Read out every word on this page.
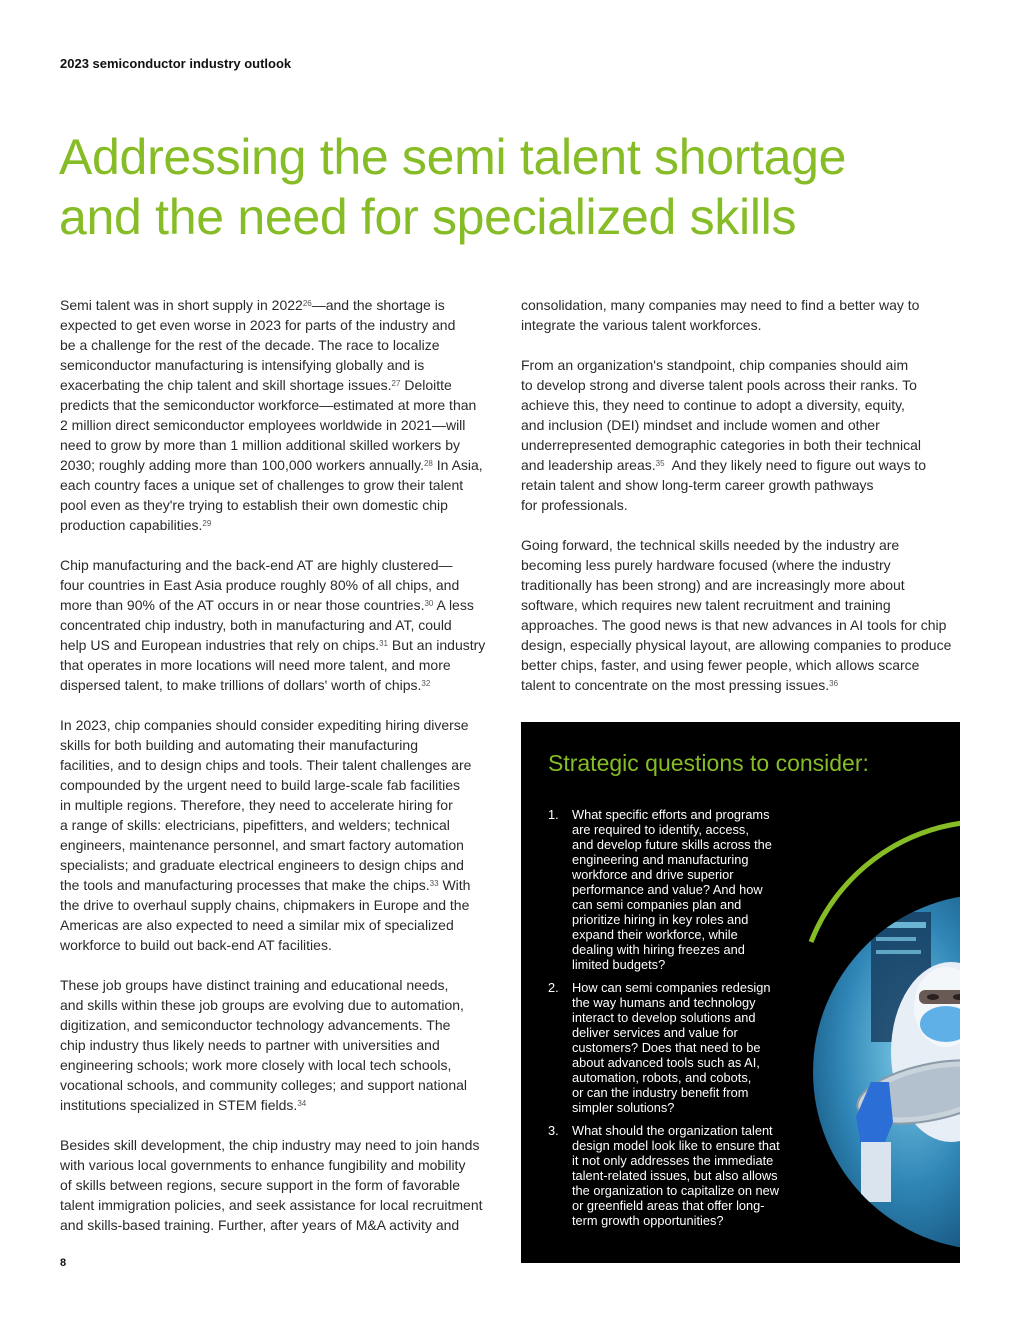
2023 semiconductor industry outlook
Addressing the semi talent shortage
and the need for specialized skills

Semi talent was in short supply in 2022$^{26}$—and the shortage is
expected to get even worse in 2023 for parts of the industry and
be a challenge for the rest of the decade. The race to localize
semiconductor manufacturing is intensifying globally and is
exacerbating the chip talent and skill shortage issues.$^{27}$ Deloitte
predicts that the semiconductor workforce—estimated at more than
2 million direct semiconductor employees worldwide in 2021—will
need to grow by more than 1 million additional skilled workers by
2030; roughly adding more than 100,000 workers annually.$^{28}$ In Asia,
each country faces a unique set of challenges to grow their talent
pool even as they're trying to establish their own domestic chip
production capabilities.$^{29}$

Chip manufacturing and the back-end AT are highly clustered—
four countries in East Asia produce roughly 80% of all chips, and
more than 90% of the AT occurs in or near those countries.$^{30}$ A less
concentrated chip industry, both in manufacturing and AT, could
help US and European industries that rely on chips.$^{31}$ But an industry
that operates in more locations will need more talent, and more
dispersed talent, to make trillions of dollars' worth of chips.$^{32}$

In 2023, chip companies should consider expediting hiring diverse
skills for both building and automating their manufacturing
facilities, and to design chips and tools. Their talent challenges are
compounded by the urgent need to build large-scale fab facilities
in multiple regions. Therefore, they need to accelerate hiring for
a range of skills: electricians, pipefitters, and welders; technical
engineers, maintenance personnel, and smart factory automation
specialists; and graduate electrical engineers to design chips and
the tools and manufacturing processes that make the chips.$^{33}$ With
the drive to overhaul supply chains, chipmakers in Europe and the
Americas are also expected to need a similar mix of specialized
workforce to build out back-end AT facilities.

These job groups have distinct training and educational needs,
and skills within these job groups are evolving due to automation,
digitization, and semiconductor technology advancements. The
chip industry thus likely needs to partner with universities and
engineering schools; work more closely with local tech schools,
vocational schools, and community colleges; and support national
institutions specialized in STEM fields.$^{34}$

Besides skill development, the chip industry may need to join hands
with various local governments to enhance fungibility and mobility
of skills between regions, secure support in the form of favorable
talent immigration policies, and seek assistance for local recruitment
and skills-based training. Further, after years of M&A activity and

consolidation, many companies may need to find a better way to
integrate the various talent workforces.

From an organization's standpoint, chip companies should aim
to develop strong and diverse talent pools across their ranks. To
achieve this, they need to continue to adopt a diversity, equity,
and inclusion (DEI) mindset and include women and other
underrepresented demographic categories in both their technical
and leadership areas.$^{35}$  And they likely need to figure out ways to
retain talent and show long-term career growth pathways
for professionals.

Going forward, the technical skills needed by the industry are
becoming less purely hardware focused (where the industry
traditionally has been strong) and are increasingly more about
software, which requires new talent recruitment and training
approaches. The good news is that new advances in AI tools for chip
design, especially physical layout, are allowing companies to produce
better chips, faster, and using fewer people, which allows scarce
talent to concentrate on the most pressing issues.$^{36}$

Strategic questions to consider:
1. What specific efforts and programs
are required to identify, access,
and develop future skills across the
engineering and manufacturing
workforce and drive superior
performance and value? And how
can semi companies plan and
prioritize hiring in key roles and
expand their workforce, while
dealing with hiring freezes and
limited budgets?
2. How can semi companies redesign
the way humans and technology
interact to develop solutions and
deliver services and value for
customers? Does that need to be
about advanced tools such as AI,
automation, robots, and cobots,
or can the industry benefit from
simpler solutions?
3. What should the organization talent
design model look like to ensure that
it not only addresses the immediate
talent-related issues, but also allows
the organization to capitalize on new
or greenfield areas that offer long-
term growth opportunities?
8
